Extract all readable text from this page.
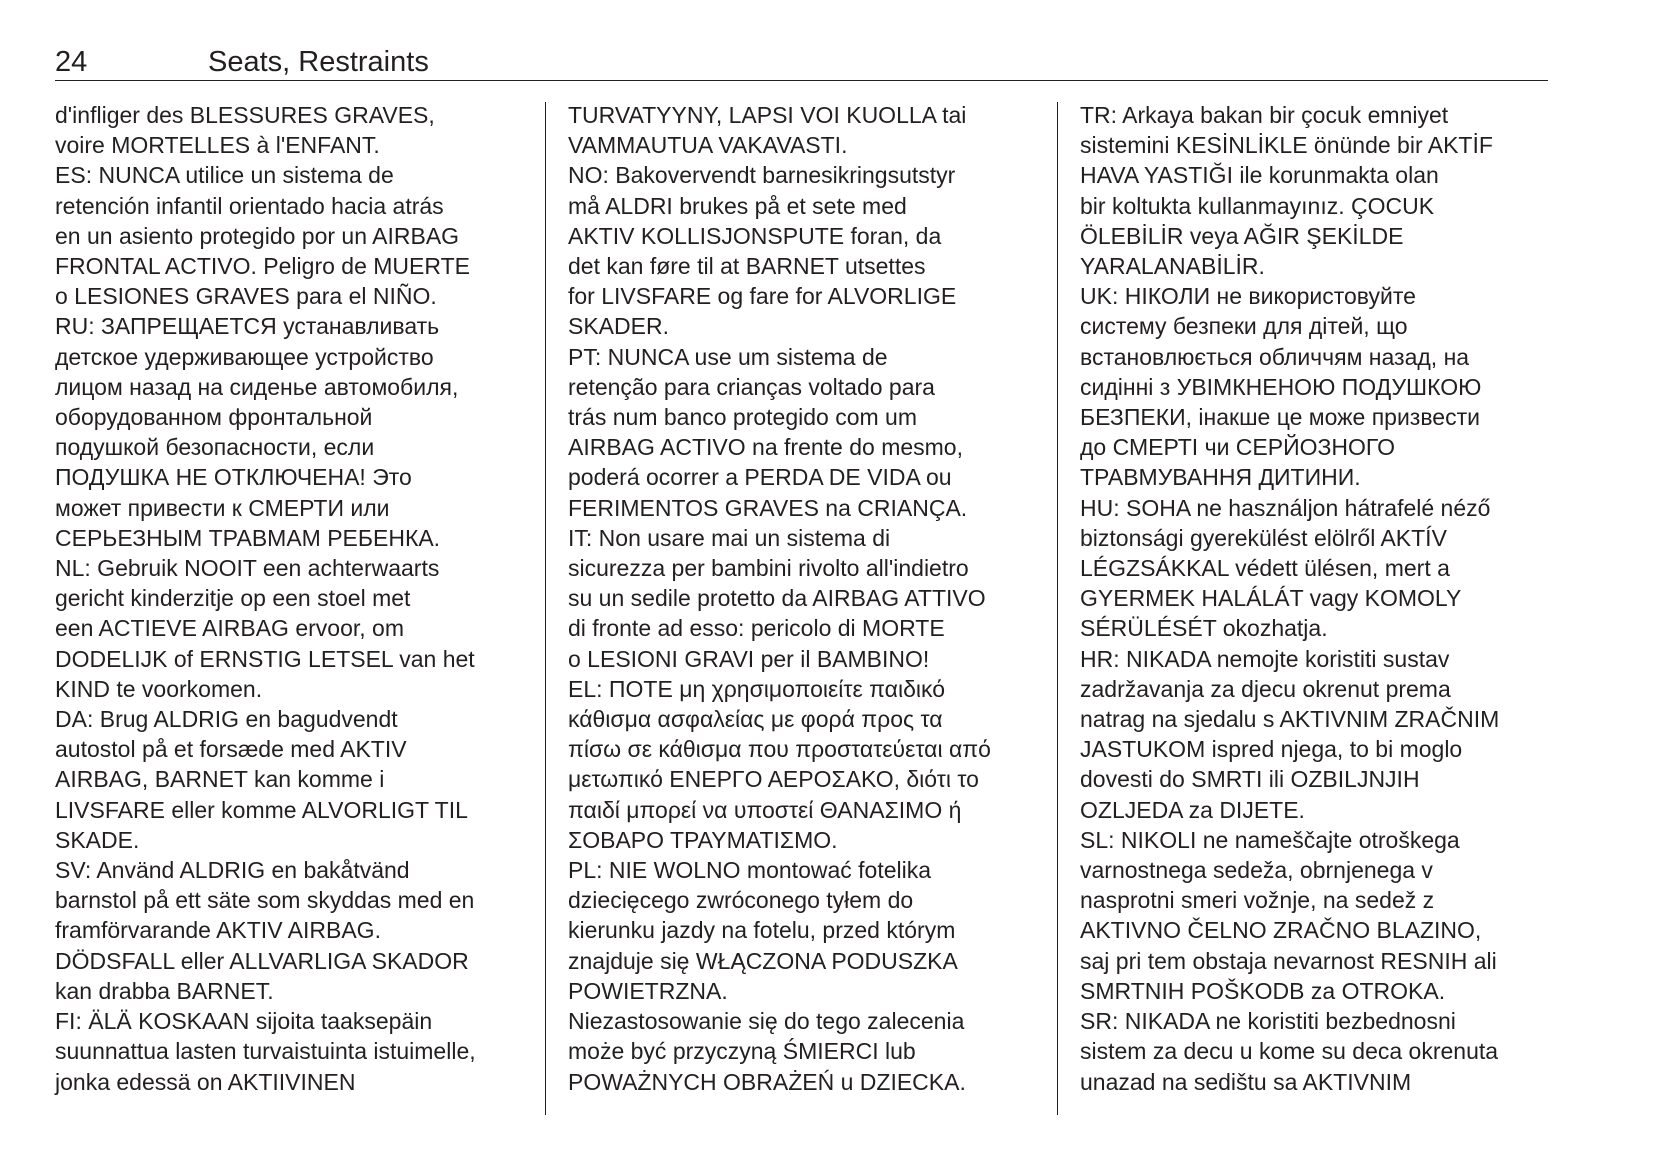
24	Seats, Restraints
d'infliger des BLESSURES GRAVES,
voire MORTELLES à l'ENFANT.
ES: NUNCA utilice un sistema de
retención infantil orientado hacia atrás
en un asiento protegido por un AIRBAG
FRONTAL ACTIVO. Peligro de MUERTE
o LESIONES GRAVES para el NIÑO.
RU: ЗАПРЕЩАЕТСЯ устанавливать
детское удерживающее устройство
лицом назад на сиденье автомобиля,
оборудованном фронтальной
подушкой безопасности, если
ПОДУШКА НЕ ОТКЛЮЧЕНА! Это
может привести к СМЕРТИ или
СЕРЬЕЗНЫМ ТРАВМАМ РЕБЕНКА.
NL: Gebruik NOOIT een achterwaarts
gericht kinderzitje op een stoel met
een ACTIEVE AIRBAG ervoor, om
DODELIJK of ERNSTIG LETSEL van het
KIND te voorkomen.
DA: Brug ALDRIG en bagudvendt
autostol på et forsæde med AKTIV
AIRBAG, BARNET kan komme i
LIVSFARE eller komme ALVORLIGT TIL
SKADE.
SV: Använd ALDRIG en bakåtvänd
barnstol på ett säte som skyddas med en
framförvarande AKTIV AIRBAG.
DÖDSFALL eller ALLVARLIGA SKADOR
kan drabba BARNET.
FI: ÄLÄ KOSKAAN sijoita taaksepäin
suunnattua lasten turvaistuinta istuimelle,
jonka edessä on AKTIIVINEN
TURVATYYNY, LAPSI VOI KUOLLA tai
VAMMAUTUA VAKAVASTI.
NO: Bakovervendt barnesikringsutstyr
må ALDRI brukes på et sete med
AKTIV KOLLISJONSPUTE foran, da
det kan føre til at BARNET utsettes
for LIVSFARE og fare for ALVORLIGE
SKADER.
PT: NUNCA use um sistema de
retenção para crianças voltado para
trás num banco protegido com um
AIRBAG ACTIVO na frente do mesmo,
poderá ocorrer a PERDA DE VIDA ou
FERIMENTOS GRAVES na CRIANÇA.
IT: Non usare mai un sistema di
sicurezza per bambini rivolto all'indietro
su un sedile protetto da AIRBAG ATTIVO
di fronte ad esso: pericolo di MORTE
o LESIONI GRAVI per il BAMBINO!
EL: ΠΟΤΕ μη χρησιμοποιείτε παιδικό
κάθισμα ασφαλείας με φορά προς τα
πίσω σε κάθισμα που προστατεύεται από
μετωπικό ΕΝΕΡΓΟ ΑΕΡΟΣΑΚΟ, διότι το
παιδί μπορεί να υποστεί ΘΑΝΑΣΙΜΟ ή
ΣΟΒΑΡΟ ΤΡΑΥΜΑΤΙΣΜΟ.
PL: NIE WOLNO montować fotelika
dziecięcego zwróconego tyłem do
kierunku jazdy na fotelu, przed którym
znajduje się WŁĄCZONA PODUSZKA
POWIETRZNA.
Niezastosowanie się do tego zalecenia
może być przyczyną ŚMIERCI lub
POWAŻNYCH OBRAŻEŃ u DZIECKA.
TR: Arkaya bakan bir çocuk emniyet
sistemini KESİNLİKLE önünde bir AKTİF
HAVA YASTIĞI ile korunmakta olan
bir koltukta kullanmayınız. ÇOCUK
ÖLEBİLİR veya AĞIR ŞEKİLDE
YARALANABİLİR.
UK: НІКОЛИ не використовуйте
систему безпеки для дітей, що
встановлюється обличчям назад, на
сидінні з УВІМКНЕНОЮ ПОДУШКОЮ
БЕЗПЕКИ, інакше це може призвести
до СМЕРТІ чи СЕРЙОЗНОГО
ТРАВМУВАННЯ ДИТИНИ.
HU: SOHA ne használjon hátrafelé néző
biztonsági gyerekülést elölről AKTÍV
LÉGZSÁKKAL védett ülésen, mert a
GYERMEK HALÁLÁT vagy KOMOLY
SÉRÜLÉSÉT okozhatja.
HR: NIKADA nemojte koristiti sustav
zadržavanja za djecu okrenut prema
natrag na sjedalu s AKTIVNIM ZRAČNIM
JASTUKOM ispred njega, to bi moglo
dovesti do SMRTI ili OZBILJNJIH
OZLJEDA za DIJETE.
SL: NIKOLI ne nameščajte otroškega
varnostnega sedeža, obrnjenega v
nasprotni smeri vožnje, na sedež z
AKTIVNO ČELNO ZRAČNO BLAZINO,
saj pri tem obstaja nevarnost RESNIH ali
SMRTNIH POŠKODB za OTROKA.
SR: NIKADA ne koristiti bezbednosni
sistem za decu u kome su deca okrenuta
unazad na sedištu sa AKTIVNIM
